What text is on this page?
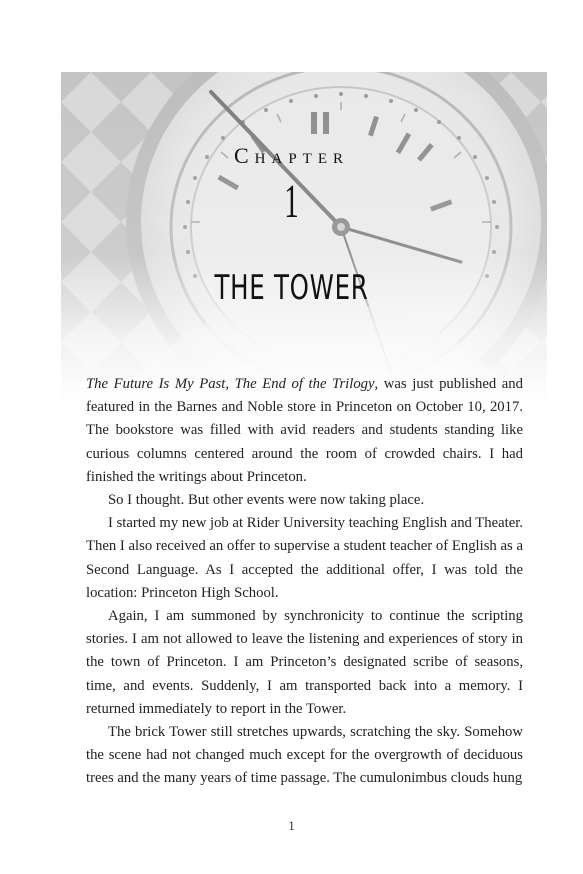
Chapter
1
THE TOWER

The Future Is My Past, The End of the Trilogy, was just published and featured in the Barnes and Noble store in Princeton on October 10, 2017. The bookstore was filled with avid readers and students standing like curious columns centered around the room of crowded chairs. I had finished the writings about Princeton.

So I thought. But other events were now taking place.

I started my new job at Rider University teaching English and Theater. Then I also received an offer to supervise a student teacher of English as a Second Language. As I accepted the additional offer, I was told the location: Princeton High School.

Again, I am summoned by synchronicity to continue the scripting stories. I am not allowed to leave the listening and experiences of story in the town of Princeton. I am Princeton’s designated scribe of seasons, time, and events. Suddenly, I am transported back into a memory. I returned immediately to report in the Tower.

The brick Tower still stretches upwards, scratching the sky. Somehow the scene had not changed much except for the overgrowth of deciduous trees and the many years of time passage. The cumulonimbus clouds hung

1
